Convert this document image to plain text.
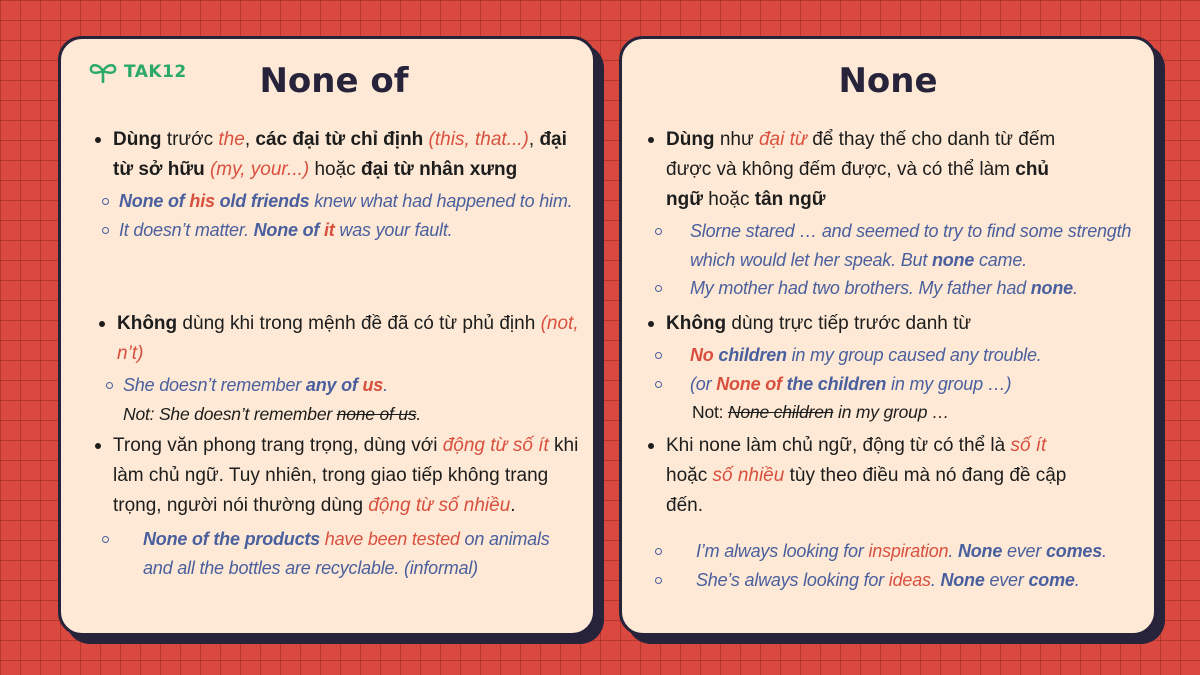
TAK12	None of
Dùng trước the, các đại từ chỉ định (this, that...), đại từ sở hữu (my, your...) hoặc đại từ nhân xưng
None of his old friends knew what had happened to him.
It doesn’t matter. None of it was your fault.
Không dùng khi trong mệnh đề đã có từ phủ định (not, n’t)
She doesn’t remember any of us.
Not: She doesn’t remember none of us.
Trong văn phong trang trọng, dùng với động từ số ít khi làm chủ ngữ. Tuy nhiên, trong giao tiếp không trang trọng, người nói thường dùng động từ số nhiều.
None of the products have been tested on animals and all the bottles are recyclable. (informal)
None
Dùng như đại từ để thay thế cho danh từ đếm được và không đếm được, và có thể làm chủ ngữ hoặc tân ngữ
Slorne stared … and seemed to try to find some strength which would let her speak. But none came.
My mother had two brothers. My father had none.
Không dùng trực tiếp trước danh từ
No children in my group caused any trouble.
(or None of the children in my group …)
Not: None children in my group …
Khi none làm chủ ngữ, động từ có thể là số ít hoặc số nhiều tùy theo điều mà nó đang đề cập đến.
I’m always looking for inspiration. None ever comes.
She’s always looking for ideas. None ever come.
